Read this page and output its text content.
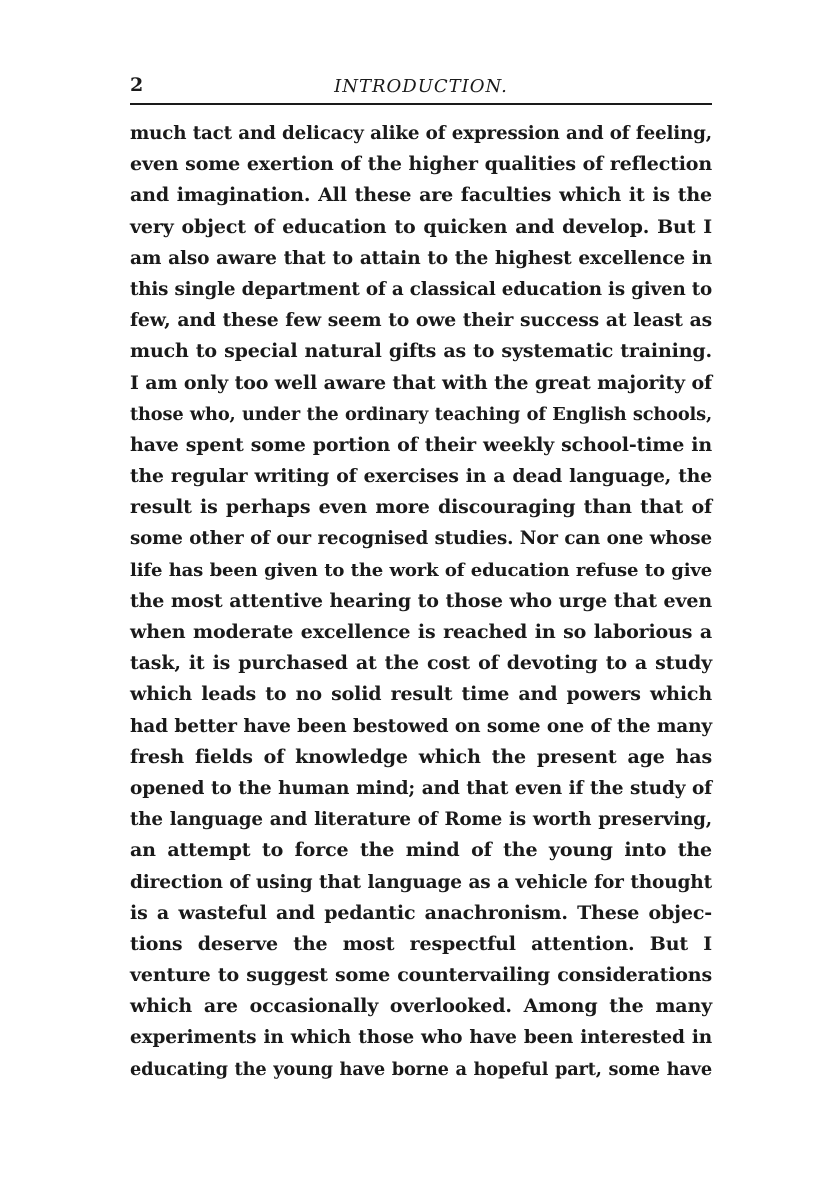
2	INTRODUCTION.
much tact and delicacy alike of expression and of feeling,
even some exertion of the higher qualities of reflection
and imagination. All these are faculties which it is the
very object of education to quicken and develop. But I
am also aware that to attain to the highest excellence in
this single department of a classical education is given to
few, and these few seem to owe their success at least as
much to special natural gifts as to systematic training.
I am only too well aware that with the great majority of
those who, under the ordinary teaching of English schools,
have spent some portion of their weekly school-time in
the regular writing of exercises in a dead language, the
result is perhaps even more discouraging than that of
some other of our recognised studies. Nor can one whose
life has been given to the work of education refuse to give
the most attentive hearing to those who urge that even
when moderate excellence is reached in so laborious a
task, it is purchased at the cost of devoting to a study
which leads to no solid result time and powers which
had better have been bestowed on some one of the many
fresh fields of knowledge which the present age has
opened to the human mind; and that even if the study of
the language and literature of Rome is worth preserving,
an attempt to force the mind of the young into the
direction of using that language as a vehicle for thought
is a wasteful and pedantic anachronism. These objec-
tions deserve the most respectful attention. But I
venture to suggest some countervailing considerations
which are occasionally overlooked. Among the many
experiments in which those who have been interested in
educating the young have borne a hopeful part, some have
